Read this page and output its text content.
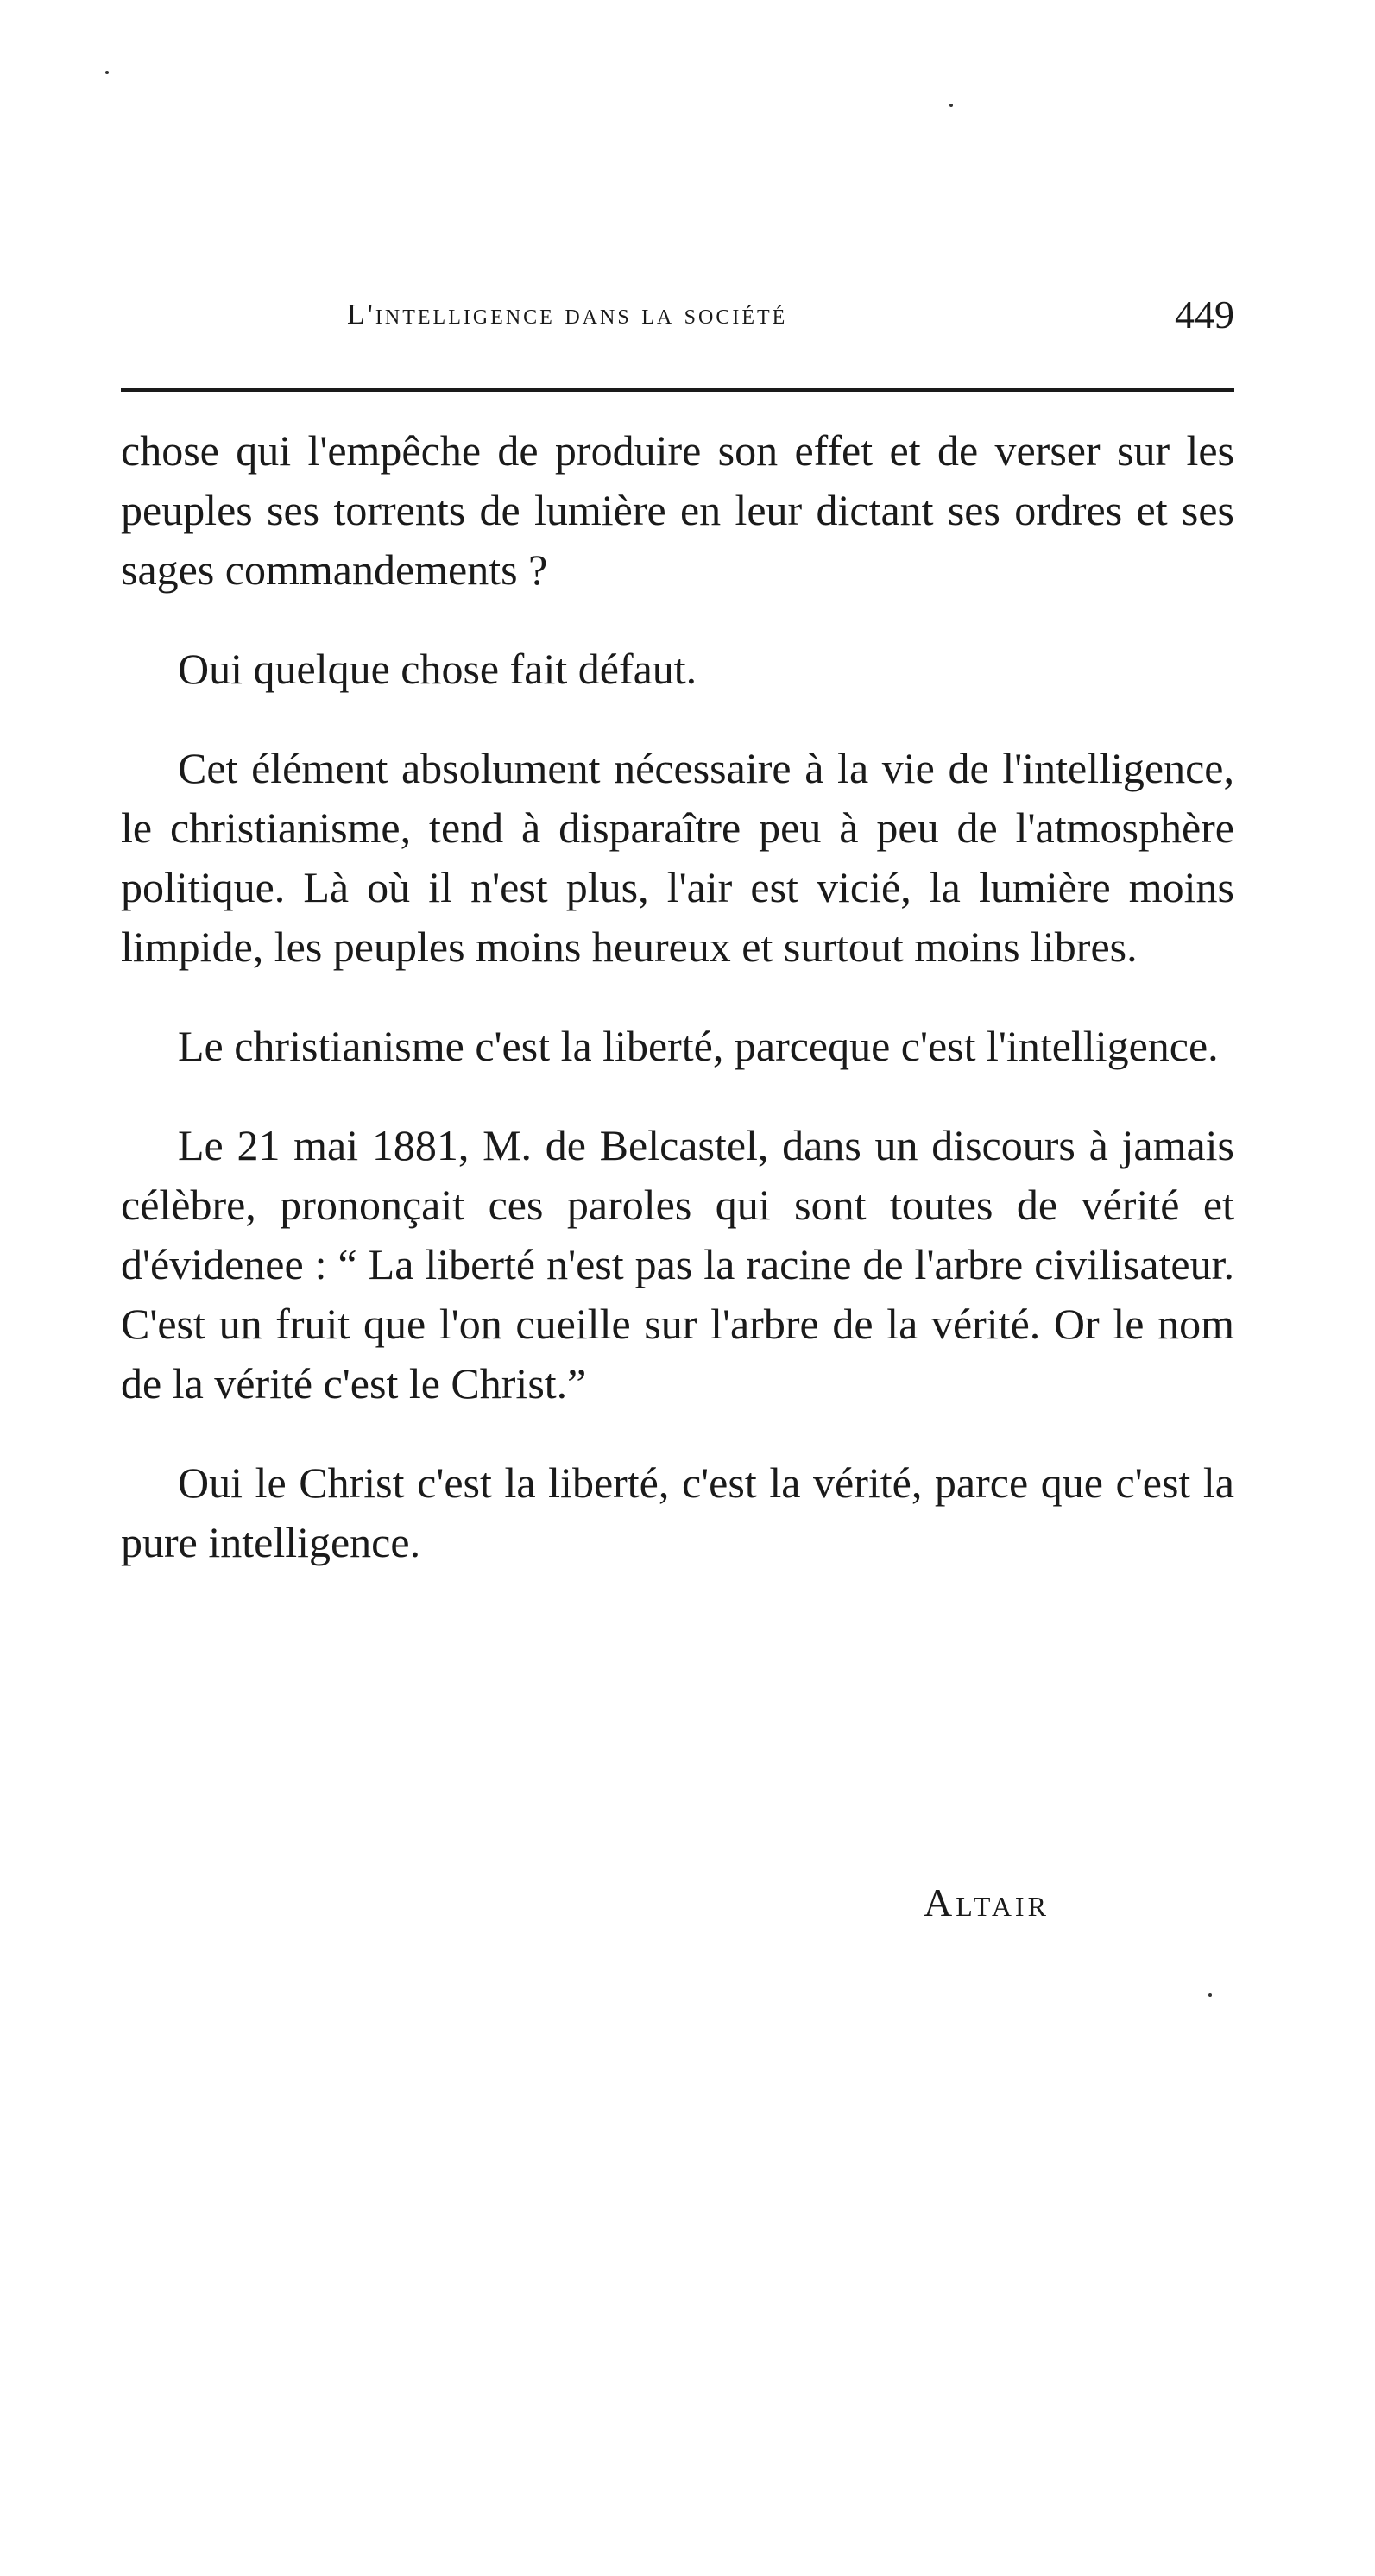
L'intelligence dans la société	449

chose qui l'empêche de produire son effet et de verser sur les peuples ses torrents de lumière en leur dictant ses ordres et ses sages commandements ?

Oui quelque chose fait défaut.

Cet élément absolument nécessaire à la vie de l'intelligence, le christianisme, tend à disparaître peu à peu de l'atmosphère politique. Là où il n'est plus, l'air est vicié, la lumière moins limpide, les peuples moins heureux et surtout moins libres.

Le christianisme c'est la liberté, parceque c'est l'intelligence.

Le 21 mai 1881, M. de Belcastel, dans un discours à jamais célèbre, prononçait ces paroles qui sont toutes de vérité et d'évidenee : “ La liberté n'est pas la racine de l'arbre civilisateur. C'est un fruit que l'on cueille sur l'arbre de la vérité. Or le nom de la vérité c'est le Christ.”

Oui le Christ c'est la liberté, c'est la vérité, parce que c'est la pure intelligence.

Altair
